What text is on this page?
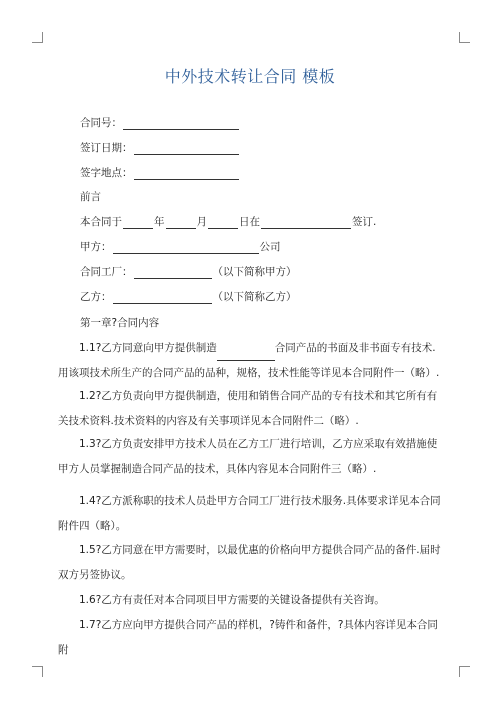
中外技术转让合同 模板
合同号：
签订日期：
签字地点：
前言
本合同于	年	月	日在	签订.
甲方：	公司
合同工厂：	（以下简称甲方）
乙方：	（以下简称乙方）
第一章?合同内容
1.1?乙方同意向甲方提供制造	合同产品的书面及非书面专有技术.用该项技术所生产的合同产品的品种，规格，技术性能等详见本合同附件一（略）.
1.2?乙方负责向甲方提供制造，使用和销售合同产品的专有技术和其它所有有关技术资料.技术资料的内容及有关事项详见本合同附件二（略）.
1.3?乙方负责安排甲方技术人员在乙方工厂进行培训，乙方应采取有效措施使甲方人员掌握制造合同产品的技术，具体内容见本合同附件三（略）.
1.4?乙方派称职的技术人员赴甲方合同工厂进行技术服务.具体要求详见本合同附件四（略）。
1.5?乙方同意在甲方需要时，以最优惠的价格向甲方提供合同产品的备件.届时双方另签协议。
1.6?乙方有责任对本合同项目甲方需要的关键设备提供有关咨询。
1.7?乙方应向甲方提供合同产品的样机，?铸件和备件，?具体内容详见本合同附
